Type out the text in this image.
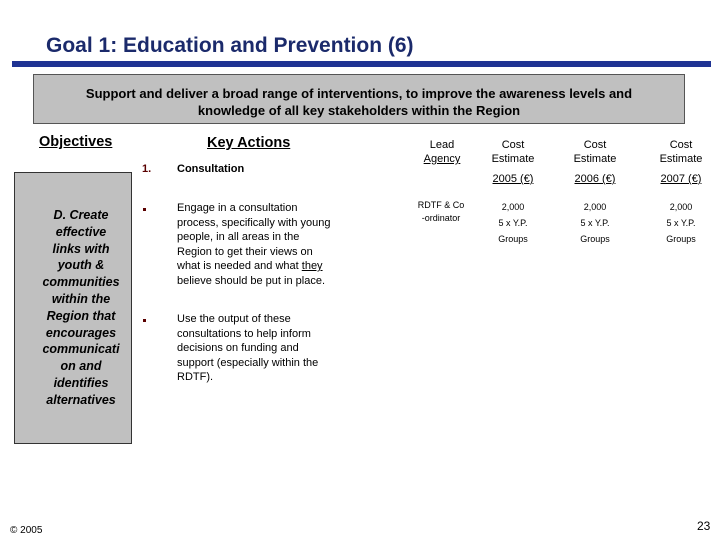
Goal 1: Education and Prevention (6)
Support and deliver a broad range of interventions, to improve the awareness levels and
knowledge of all key stakeholders within the Region
Objectives	Key Actions
D. Create
effective
links with
youth &
communities
within the
Region that
encourages
communicati
on and
identifies
alternatives
1. Consultation
Engage in a consultation
process, specifically with young
people, in all areas in the
Region to get their views on
what is needed and what they
believe should be put in place.
Use the output of these
consultations to help inform
decisions on funding and
support (especially within the
RDTF).
Lead
Agency
Cost
Estimate
2005 (€)
Cost
Estimate
2006 (€)
Cost
Estimate
2007 (€)
RDTF & Co
-ordinator
2,000
5 x Y.P.
Groups
2,000
5 x Y.P.
Groups
2,000
5 x Y.P.
Groups
© 2005	23
